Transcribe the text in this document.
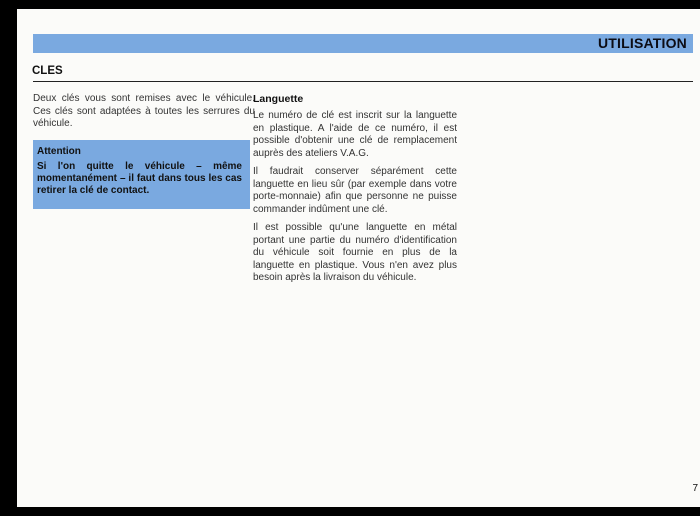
UTILISATION
CLES

Deux clés vous sont remises avec le véhicule. Ces clés sont adaptées à toutes les serrures du véhicule.

Attention

Si l'on quitte le véhicule – même momentanément – il faut dans tous les cas retirer la clé de contact.

Languette

Le numéro de clé est inscrit sur la languette en plastique. A l'aide de ce numéro, il est possible d'obtenir une clé de remplacement auprès des ateliers V.A.G.

Il faudrait conserver séparément cette languette en lieu sûr (par exemple dans votre porte-monnaie) afin que personne ne puisse commander indûment une clé.

Il est possible qu'une languette en métal portant une partie du numéro d'identification du véhicule soit fournie en plus de la languette en plastique. Vous n'en avez plus besoin après la livraison du véhicule.

7
